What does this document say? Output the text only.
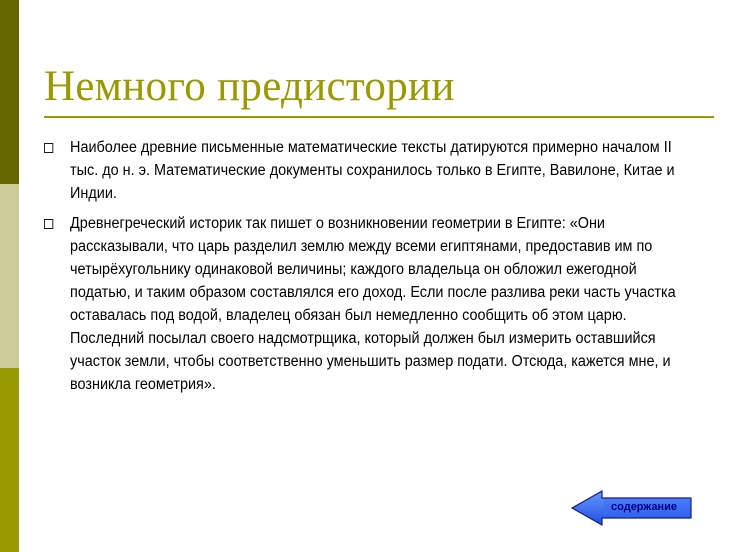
Немного предистории
Наиболее древние письменные математические тексты датируются примерно началом II тыс. до н. э. Математические документы сохранилось только в Египте, Вавилоне, Китае и Индии.
Древнегреческий историк так пишет о возникновении геометрии в Египте: «Они рассказывали, что царь разделил землю между всеми египтянами, предоставив им по четырёхугольнику одинаковой величины; каждого владельца он обложил ежегодной податью, и таким образом составлялся его доход. Если после разлива реки часть участка оставалась под водой, владелец обязан был немедленно сообщить об этом царю. Последний посылал своего надсмотрщика, который должен был измерить оставшийся участок земли, чтобы соответственно уменьшить размер подати. Отсюда, кажется мне, и возникла геометрия».
содержание
